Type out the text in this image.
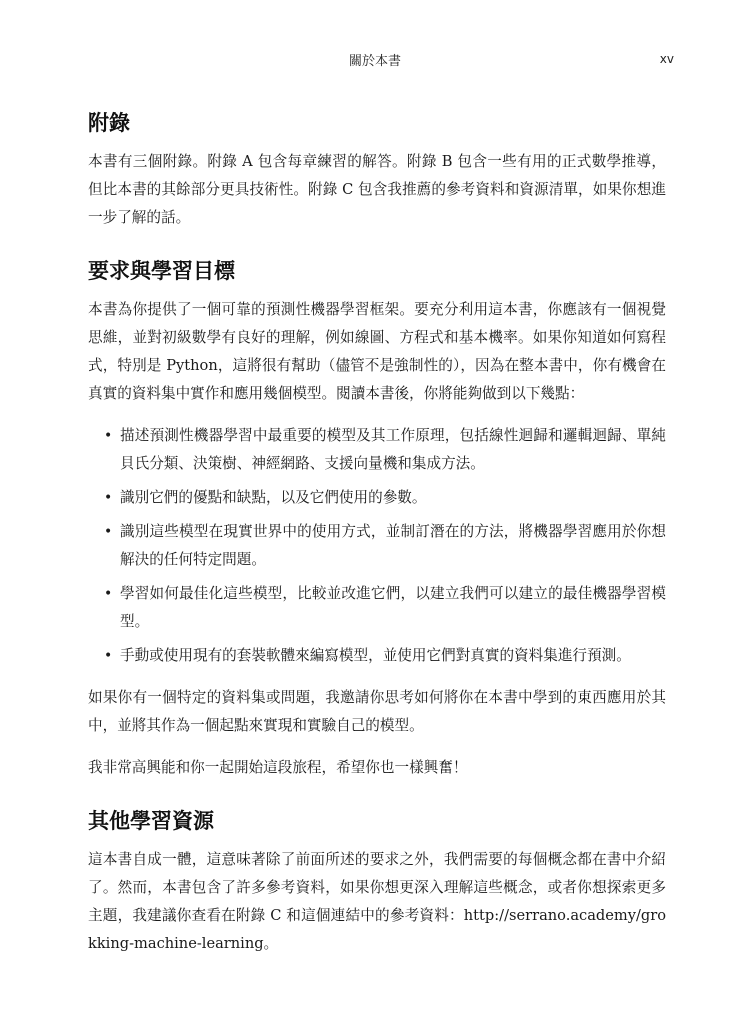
關於本書	xv
附錄

本書有三個附錄。附錄 A 包含每章練習的解答。附錄 B 包含一些有用的正式數學推導，但比本書的其餘部分更具技術性。附錄 C 包含我推薦的參考資料和資源清單，如果你想進一步了解的話。

要求與學習目標

本書為你提供了一個可靠的預測性機器學習框架。要充分利用這本書，你應該有一個視覺思維，並對初級數學有良好的理解，例如線圖、方程式和基本機率。如果你知道如何寫程式，特別是 Python，這將很有幫助（儘管不是強制性的），因為在整本書中，你有機會在真實的資料集中實作和應用幾個模型。閱讀本書後，你將能夠做到以下幾點：

• 描述預測性機器學習中最重要的模型及其工作原理，包括線性迴歸和邏輯迴歸、單純貝氏分類、決策樹、神經網路、支援向量機和集成方法。
• 識別它們的優點和缺點，以及它們使用的參數。
• 識別這些模型在現實世界中的使用方式，並制訂潛在的方法，將機器學習應用於你想解決的任何特定問題。
• 學習如何最佳化這些模型，比較並改進它們，以建立我們可以建立的最佳機器學習模型。
• 手動或使用現有的套裝軟體來編寫模型，並使用它們對真實的資料集進行預測。

如果你有一個特定的資料集或問題，我邀請你思考如何將你在本書中學到的東西應用於其中，並將其作為一個起點來實現和實驗自己的模型。

我非常高興能和你一起開始這段旅程，希望你也一樣興奮！

其他學習資源

這本書自成一體，這意味著除了前面所述的要求之外，我們需要的每個概念都在書中介紹了。然而，本書包含了許多參考資料，如果你想更深入理解這些概念，或者你想探索更多主題，我建議你查看在附錄 C 和這個連結中的參考資料：http://serrano.academy/grokking-machine-learning。
